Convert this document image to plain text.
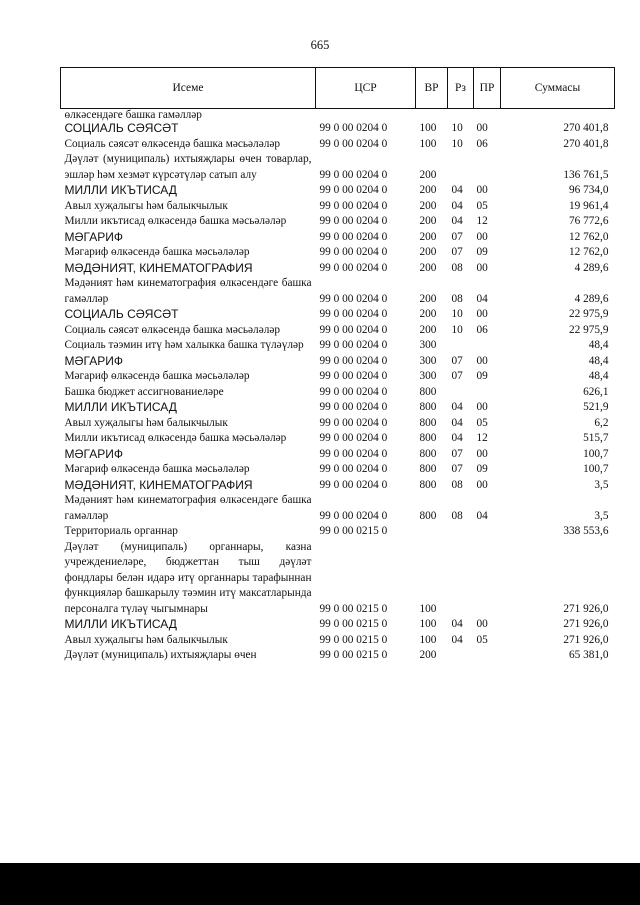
665
Исеме	ЦСР	ВР	Рз	ПР	Суммасы
өлкәсендәге башка гамәлләр					
СОЦИАЛЬ СӘЯСӘТ	99 0 00 0204 0	100	10	00	270 401,8
Социаль сәясәт өлкәсендә башка мәсьәләләр	99 0 00 0204 0	100	10	06	270 401,8
Дәүләт (муниципаль) ихтыяҗлары өчен товарлар, эшләр һәм хезмәт күрсәтүләр сатып алу	99 0 00 0204 0	200			136 761,5
МИЛЛИ ИКЪТИСАД	99 0 00 0204 0	200	04	00	96 734,0
Авыл хуҗалыгы һәм балыкчылык	99 0 00 0204 0	200	04	05	19 961,4
Милли икътисад өлкәсендә башка мәсьәләләр	99 0 00 0204 0	200	04	12	76 772,6
МӘГАРИФ	99 0 00 0204 0	200	07	00	12 762,0
Мәгариф өлкәсендә башка мәсьәләләр	99 0 00 0204 0	200	07	09	12 762,0
МӘДӘНИЯТ, КИНЕМАТОГРАФИЯ	99 0 00 0204 0	200	08	00	4 289,6
Мәдәният һәм кинематография өлкәсендәге башка гамәлләр	99 0 00 0204 0	200	08	04	4 289,6
СОЦИАЛЬ СӘЯСӘТ	99 0 00 0204 0	200	10	00	22 975,9
Социаль сәясәт өлкәсендә башка мәсьәләләр	99 0 00 0204 0	200	10	06	22 975,9
Социаль тәэмин итү һәм халыкка башка түләүләр	99 0 00 0204 0	300			48,4
МӘГАРИФ	99 0 00 0204 0	300	07	00	48,4
Мәгариф өлкәсендә башка мәсьәләләр	99 0 00 0204 0	300	07	09	48,4
Башка бюджет ассигнованиеләре	99 0 00 0204 0	800			626,1
МИЛЛИ ИКЪТИСАД	99 0 00 0204 0	800	04	00	521,9
Авыл хуҗалыгы һәм балыкчылык	99 0 00 0204 0	800	04	05	6,2
Милли икътисад өлкәсендә башка мәсьәләләр	99 0 00 0204 0	800	04	12	515,7
МӘГАРИФ	99 0 00 0204 0	800	07	00	100,7
Мәгариф өлкәсендә башка мәсьәләләр	99 0 00 0204 0	800	07	09	100,7
МӘДӘНИЯТ, КИНЕМАТОГРАФИЯ	99 0 00 0204 0	800	08	00	3,5
Мәдәният һәм кинематография өлкәсендәге башка гамәлләр	99 0 00 0204 0	800	08	04	3,5
Территориаль органнар	99 0 00 0215 0				338 553,6
Дәүләт (муниципаль) органнары, казна учреждениеләре, бюджеттан тыш дәүләт фондлары белән идарә итү органнары тарафыннан функцияләр башкарылу тәэмин итү максатларында персоналга түләү чыгымнары	99 0 00 0215 0	100			271 926,0
МИЛЛИ ИКЪТИСАД	99 0 00 0215 0	100	04	00	271 926,0
Авыл хуҗалыгы һәм балыкчылык	99 0 00 0215 0	100	04	05	271 926,0
Дәүләт (муниципаль) ихтыяҗлары өчен	99 0 00 0215 0	200			65 381,0
